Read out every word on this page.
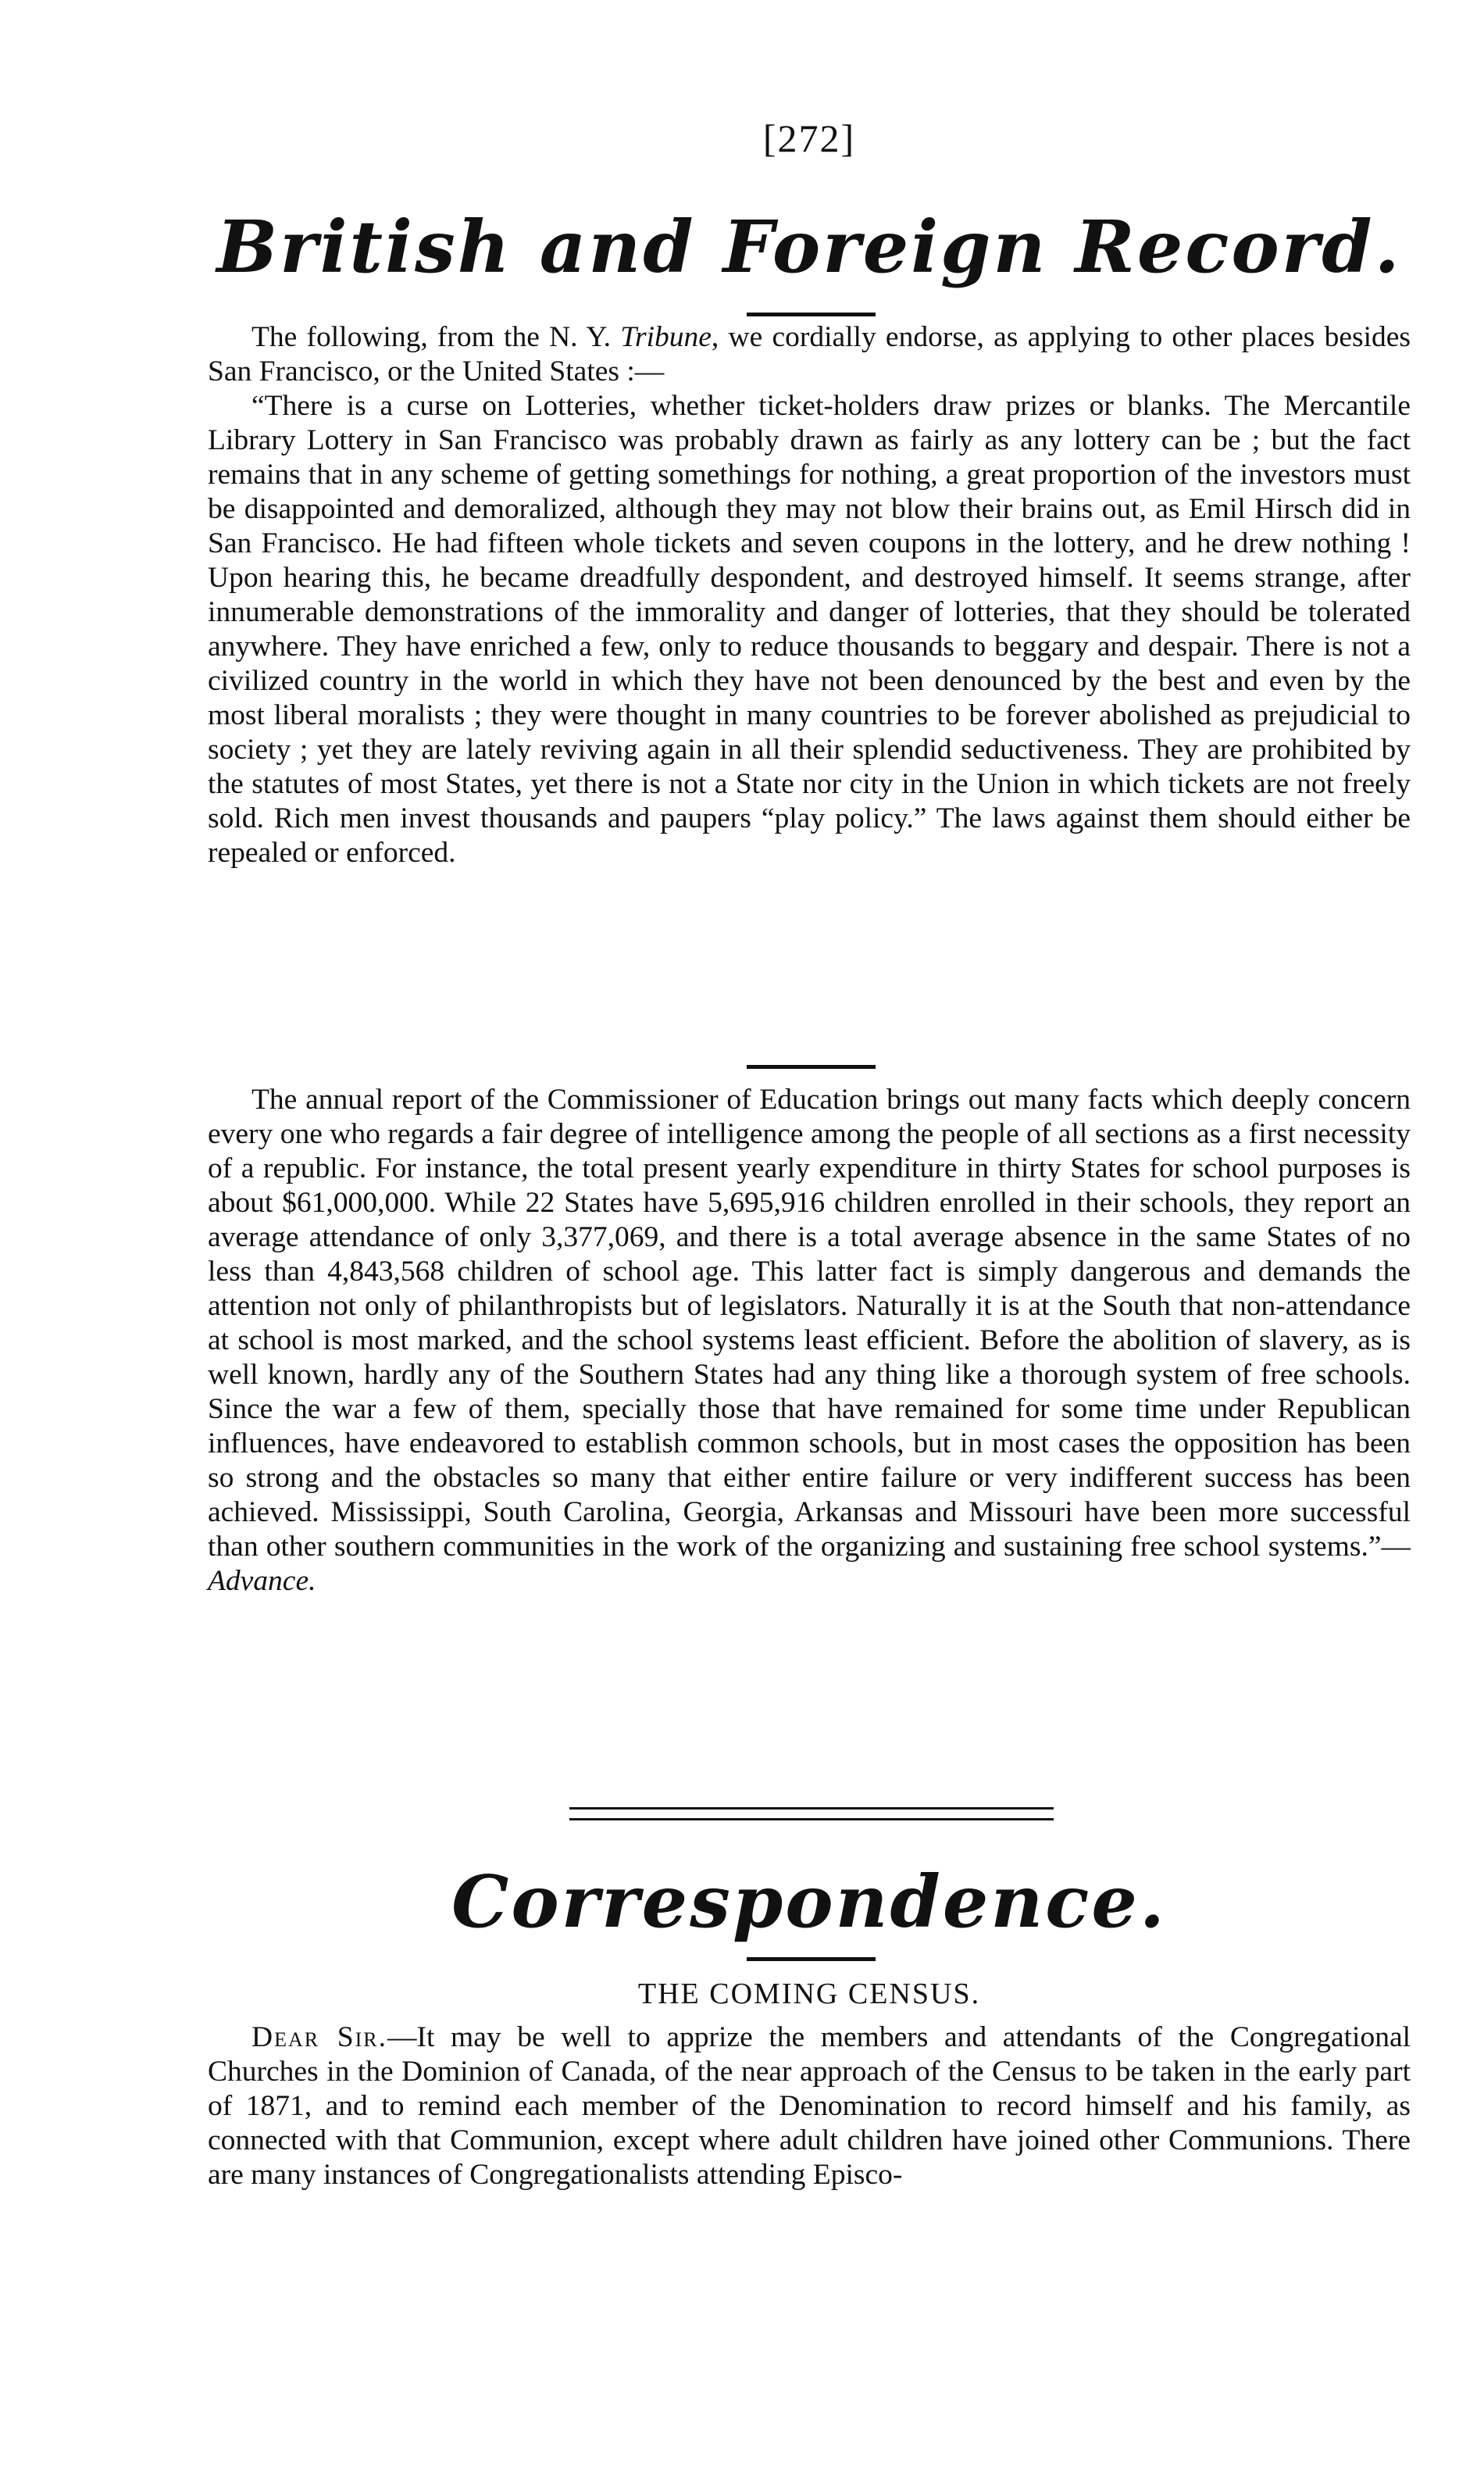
[272]
British and Foreign Record.

The following, from the N. Y. Tribune, we cordially endorse, as applying to other places besides San Francisco, or the United States :—

“There is a curse on Lotteries, whether ticket-holders draw prizes or blanks. The Mercantile Library Lottery in San Francisco was probably drawn as fairly as any lottery can be ; but the fact remains that in any scheme of getting somethings for nothing, a great proportion of the investors must be disappointed and demoralized, although they may not blow their brains out, as Emil Hirsch did in San Francisco. He had fifteen whole tickets and seven coupons in the lottery, and he drew nothing ! Upon hearing this, he became dreadfully despondent, and destroyed himself. It seems strange, after innumerable demonstrations of the immorality and danger of lotteries, that they should be tolerated anywhere. They have enriched a few, only to reduce thousands to beggary and despair. There is not a civilized country in the world in which they have not been denounced by the best and even by the most liberal moralists ; they were thought in many countries to be forever abolished as prejudicial to society ; yet they are lately reviving again in all their splendid seductiveness. They are prohibited by the statutes of most States, yet there is not a State nor city in the Union in which tickets are not freely sold. Rich men invest thousands and paupers “play policy.” The laws against them should either be repealed or enforced.

The annual report of the Commissioner of Education brings out many facts which deeply concern every one who regards a fair degree of intelligence among the people of all sections as a first necessity of a republic. For instance, the total present yearly expenditure in thirty States for school purposes is about $61,000,000. While 22 States have 5,695,916 children enrolled in their schools, they report an average attendance of only 3,377,069, and there is a total average absence in the same States of no less than 4,843,568 children of school age. This latter fact is simply dangerous and demands the attention not only of philanthropists but of legislators. Naturally it is at the South that non-attendance at school is most marked, and the school systems least efficient. Before the abolition of slavery, as is well known, hardly any of the Southern States had any thing like a thorough system of free schools. Since the war a few of them, specially those that have remained for some time under Republican influences, have endeavored to establish common schools, but in most cases the opposition has been so strong and the obstacles so many that either entire failure or very indifferent success has been achieved. Mississippi, South Carolina, Georgia, Arkansas and Missouri have been more successful than other southern communities in the work of the organizing and sustaining free school systems.”—Advance.

Correspondence.
THE COMING CENSUS.

Dear Sir.—It may be well to apprize the members and attendants of the Congregational Churches in the Dominion of Canada, of the near approach of the Census to be taken in the early part of 1871, and to remind each member of the Denomination to record himself and his family, as connected with that Communion, except where adult children have joined other Communions. There are many instances of Congregationalists attending Episco-
